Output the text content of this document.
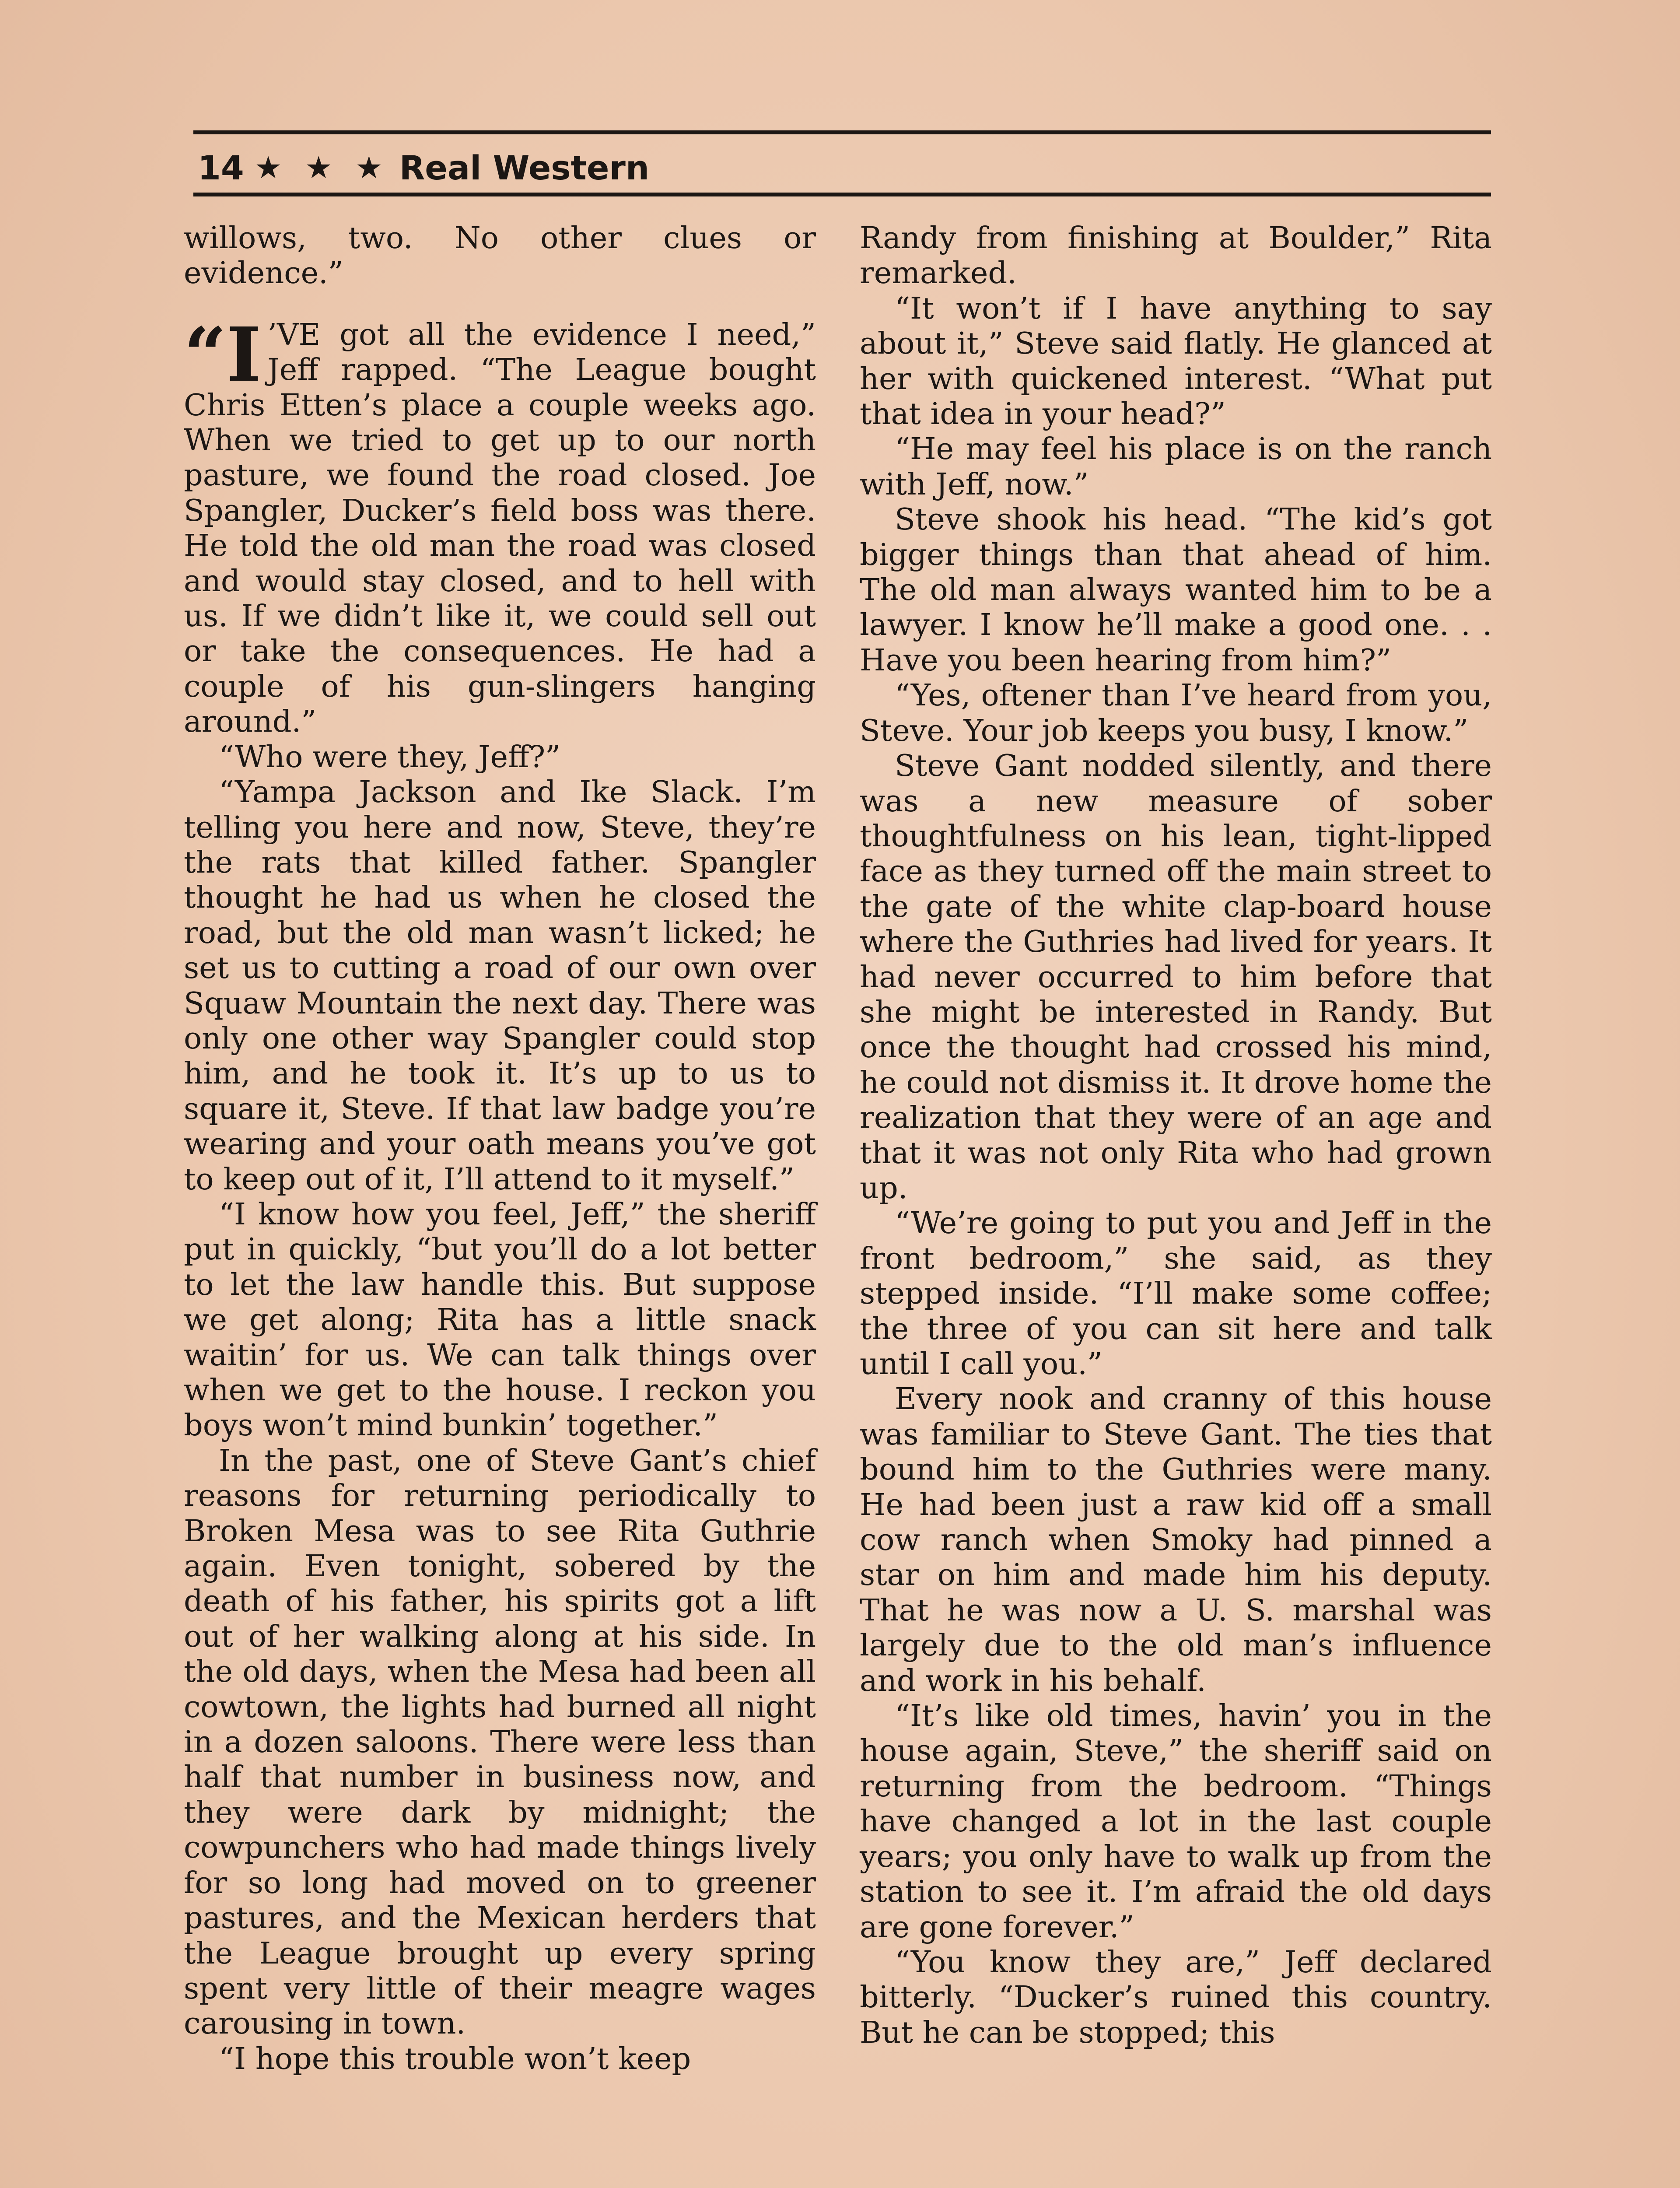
14 ★ ★ ★ Real Western

willows, two. No other clues or evidence.”

“I ’VE got all the evidence I need,” Jeff rapped. “The League bought Chris Etten’s place a couple weeks ago. When we tried to get up to our north pasture, we found the road closed. Joe Spangler, Ducker’s field boss was there. He told the old man the road was closed and would stay closed, and to hell with us. If we didn’t like it, we could sell out or take the consequences. He had a couple of his gun-slingers hanging around.”

“Who were they, Jeff?”

“Yampa Jackson and Ike Slack. I’m telling you here and now, Steve, they’re the rats that killed father. Spangler thought he had us when he closed the road, but the old man wasn’t licked; he set us to cutting a road of our own over Squaw Mountain the next day. There was only one other way Spangler could stop him, and he took it. It’s up to us to square it, Steve. If that law badge you’re wearing and your oath means you’ve got to keep out of it, I’ll attend to it myself.”

“I know how you feel, Jeff,” the sheriff put in quickly, “but you’ll do a lot better to let the law handle this. But suppose we get along; Rita has a little snack waitin’ for us. We can talk things over when we get to the house. I reckon you boys won’t mind bunkin’ together.”

In the past, one of Steve Gant’s chief reasons for returning periodically to Broken Mesa was to see Rita Guthrie again. Even tonight, sobered by the death of his father, his spirits got a lift out of her walking along at his side. In the old days, when the Mesa had been all cowtown, the lights had burned all night in a dozen saloons. There were less than half that number in business now, and they were dark by midnight; the cowpunchers who had made things lively for so long had moved on to greener pastures, and the Mexican herders that the League brought up every spring spent very little of their meagre wages carousing in town.

“I hope this trouble won’t keep

Randy from finishing at Boulder,” Rita remarked.

“It won’t if I have anything to say about it,” Steve said flatly. He glanced at her with quickened interest. “What put that idea in your head?”

“He may feel his place is on the ranch with Jeff, now.”

Steve shook his head. “The kid’s got bigger things than that ahead of him. The old man always wanted him to be a lawyer. I know he’ll make a good one. . . Have you been hearing from him?”

“Yes, oftener than I’ve heard from you, Steve. Your job keeps you busy, I know.”

Steve Gant nodded silently, and there was a new measure of sober thoughtfulness on his lean, tight-lipped face as they turned off the main street to the gate of the white clap-board house where the Guthries had lived for years. It had never occurred to him before that she might be interested in Randy. But once the thought had crossed his mind, he could not dismiss it. It drove home the realization that they were of an age and that it was not only Rita who had grown up.

“We’re going to put you and Jeff in the front bedroom,” she said, as they stepped inside. “I’ll make some coffee; the three of you can sit here and talk until I call you.”

Every nook and cranny of this house was familiar to Steve Gant. The ties that bound him to the Guthries were many. He had been just a raw kid off a small cow ranch when Smoky had pinned a star on him and made him his deputy. That he was now a U. S. marshal was largely due to the old man’s influence and work in his behalf.

“It’s like old times, havin’ you in the house again, Steve,” the sheriff said on returning from the bedroom. “Things have changed a lot in the last couple years; you only have to walk up from the station to see it. I’m afraid the old days are gone forever.”

“You know they are,” Jeff declared bitterly. “Ducker’s ruined this country. But he can be stopped; this
